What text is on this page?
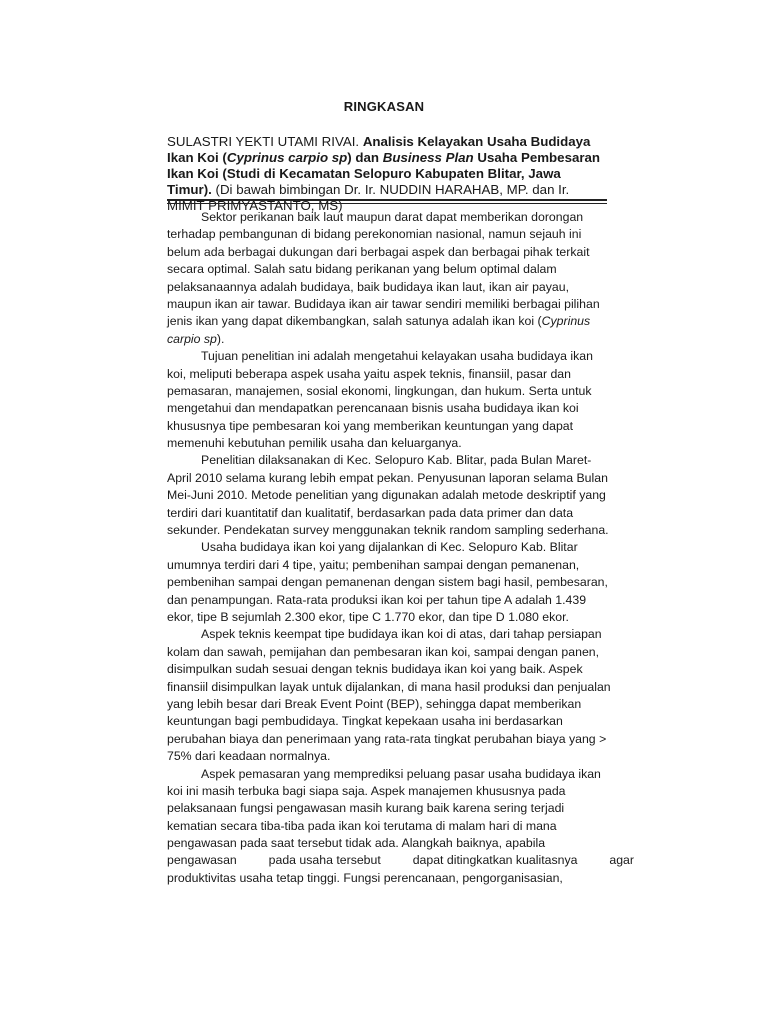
RINGKASAN
SULASTRI YEKTI UTAMI RIVAI. Analisis Kelayakan Usaha Budidaya Ikan Koi (Cyprinus carpio sp) dan Business Plan Usaha Pembesaran Ikan Koi (Studi di Kecamatan Selopuro Kabupaten Blitar, Jawa Timur). (Di bawah bimbingan Dr. Ir. NUDDIN HARAHAB, MP. dan Ir. MIMIT PRIMYASTANTO, MS)
Sektor perikanan baik laut maupun darat dapat memberikan dorongan
terhadap pembangunan di bidang perekonomian nasional, namun sejauh ini
belum ada berbagai dukungan dari berbagai aspek dan berbagai pihak terkait
secara optimal. Salah satu bidang perikanan yang belum optimal dalam
pelaksanaannya adalah budidaya, baik budidaya ikan laut, ikan air payau,
maupun ikan air tawar. Budidaya ikan air tawar sendiri memiliki berbagai pilihan
jenis ikan yang dapat dikembangkan, salah satunya adalah ikan koi (Cyprinus
carpio sp).
Tujuan penelitian ini adalah mengetahui kelayakan usaha budidaya ikan
koi, meliputi beberapa aspek usaha yaitu aspek teknis, finansiil, pasar dan
pemasaran, manajemen, sosial ekonomi, lingkungan, dan hukum. Serta untuk
mengetahui dan mendapatkan perencanaan bisnis usaha budidaya ikan koi
khususnya tipe pembesaran koi yang memberikan keuntungan yang dapat
memenuhi kebutuhan pemilik usaha dan keluarganya.
Penelitian dilaksanakan di Kec. Selopuro Kab. Blitar, pada Bulan Maret-
April 2010 selama kurang lebih empat pekan. Penyusunan laporan selama Bulan
Mei-Juni 2010. Metode penelitian yang digunakan adalah metode deskriptif yang
terdiri dari kuantitatif dan kualitatif, berdasarkan pada data primer dan data
sekunder. Pendekatan survey menggunakan teknik random sampling sederhana.
Usaha budidaya ikan koi yang dijalankan di Kec. Selopuro Kab. Blitar
umumnya terdiri dari 4 tipe, yaitu; pembenihan sampai dengan pemanenan,
pembenihan sampai dengan pemanenan dengan sistem bagi hasil, pembesaran,
dan penampungan. Rata-rata produksi ikan koi per tahun tipe A adalah 1.439
ekor, tipe B sejumlah 2.300 ekor, tipe C 1.770 ekor, dan tipe D 1.080 ekor.
Aspek teknis keempat tipe budidaya ikan koi di atas, dari tahap persiapan
kolam dan sawah, pemijahan dan pembesaran ikan koi, sampai dengan panen,
disimpulkan sudah sesuai dengan teknis budidaya ikan koi yang baik. Aspek
finansiil disimpulkan layak untuk dijalankan, di mana hasil produksi dan penjualan
yang lebih besar dari Break Event Point (BEP), sehingga dapat memberikan
keuntungan bagi pembudidaya. Tingkat kepekaan usaha ini berdasarkan
perubahan biaya dan penerimaan yang rata-rata tingkat perubahan biaya yang >
75% dari keadaan normalnya.
Aspek pemasaran yang memprediksi peluang pasar usaha budidaya ikan
koi ini masih terbuka bagi siapa saja. Aspek manajemen khususnya pada
pelaksanaan fungsi pengawasan masih kurang baik karena sering terjadi
kematian secara tiba-tiba pada ikan koi terutama di malam hari di mana
pengawasan pada saat tersebut tidak ada. Alangkah baiknya, apabila
pengawasan	pada usaha tersebut	dapat ditingkatkan kualitasnya	agar
produktivitas usaha tetap tinggi. Fungsi perencanaan, pengorganisasian,
